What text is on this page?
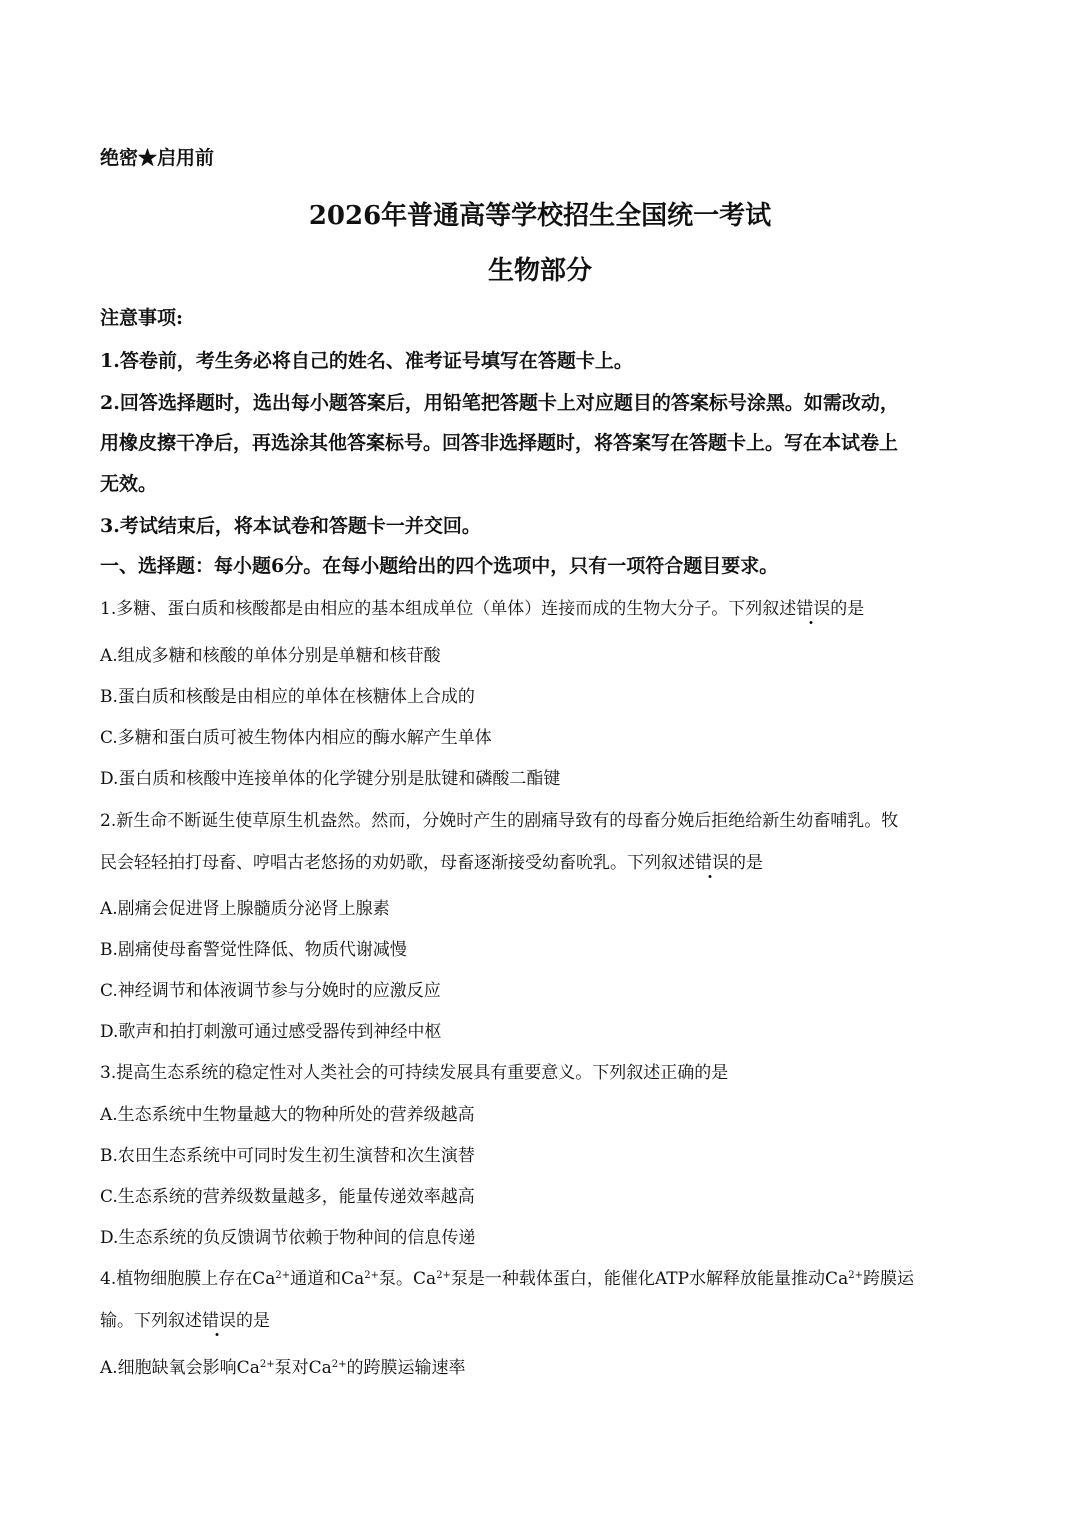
绝密★启用前
2026年普通高等学校招生全国统一考试
生物部分
注意事项:
1.答卷前，考生务必将自己的姓名、准考证号填写在答题卡上。
2.回答选择题时，选出每小题答案后，用铅笔把答题卡上对应题目的答案标号涂黑。如需改动，
用橡皮擦干净后，再选涂其他答案标号。回答非选择题时，将答案写在答题卡上。写在本试卷上
无效。
3.考试结束后，将本试卷和答题卡一并交回。
一、选择题：每小题6分。在每小题给出的四个选项中，只有一项符合题目要求。
1.多糖、蛋白质和核酸都是由相应的基本组成单位（单体）连接而成的生物大分子。下列叙述错误的是
A.组成多糖和核酸的单体分别是单糖和核苷酸
B.蛋白质和核酸是由相应的单体在核糖体上合成的
C.多糖和蛋白质可被生物体内相应的酶水解产生单体
D.蛋白质和核酸中连接单体的化学键分别是肽键和磷酸二酯键
2.新生命不断诞生使草原生机盎然。然而，分娩时产生的剧痛导致有的母畜分娩后拒绝给新生幼畜哺乳。牧
民会轻轻拍打母畜、哼唱古老悠扬的劝奶歌，母畜逐渐接受幼畜吮乳。下列叙述错误的是
A.剧痛会促进肾上腺髓质分泌肾上腺素
B.剧痛使母畜警觉性降低、物质代谢减慢
C.神经调节和体液调节参与分娩时的应激反应
D.歌声和拍打刺激可通过感受器传到神经中枢
3.提高生态系统的稳定性对人类社会的可持续发展具有重要意义。下列叙述正确的是
A.生态系统中生物量越大的物种所处的营养级越高
B.农田生态系统中可同时发生初生演替和次生演替
C.生态系统的营养级数量越多，能量传递效率越高
D.生态系统的负反馈调节依赖于物种间的信息传递
4.植物细胞膜上存在$Ca^{2+}$通道和$Ca^{2+}$泵。$Ca^{2+}$泵是一种载体蛋白，能催化ATP水解释放能量推动$Ca^{2+}$跨膜运
输。下列叙述错误的是
A.细胞缺氧会影响$Ca^{2+}$泵对$Ca^{2+}$的跨膜运输速率
